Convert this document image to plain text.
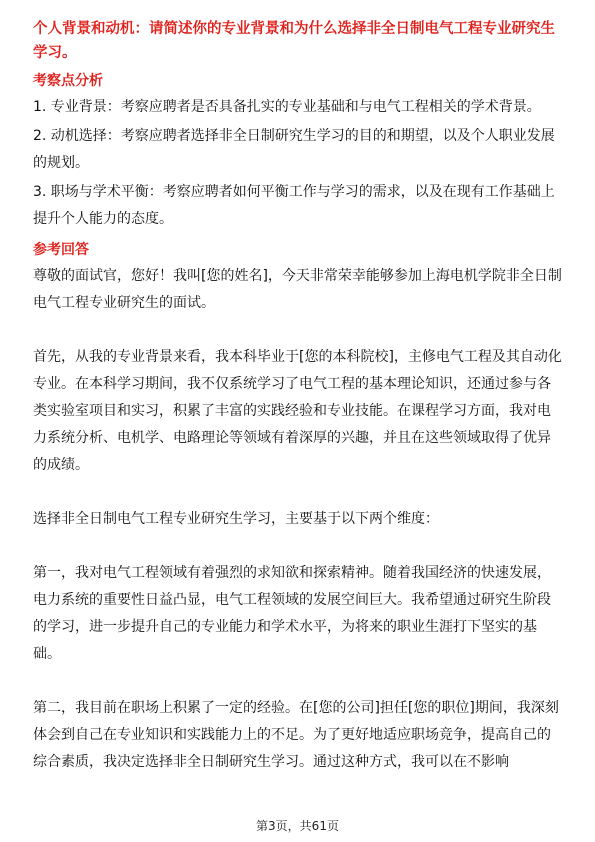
个人背景和动机：请简述你的专业背景和为什么选择非全日制电气工程专业研究生学习。

考察点分析

1. 专业背景：考察应聘者是否具备扎实的专业基础和与电气工程相关的学术背景。

2. 动机选择：考察应聘者选择非全日制研究生学习的目的和期望，以及个人职业发展的规划。

3. 职场与学术平衡：考察应聘者如何平衡工作与学习的需求，以及在现有工作基础上提升个人能力的态度。

参考回答

尊敬的面试官，您好！我叫[您的姓名]，今天非常荣幸能够参加上海电机学院非全日制电气工程专业研究生的面试。

首先，从我的专业背景来看，我本科毕业于[您的本科院校]，主修电气工程及其自动化专业。在本科学习期间，我不仅系统学习了电气工程的基本理论知识，还通过参与各类实验室项目和实习，积累了丰富的实践经验和专业技能。在课程学习方面，我对电力系统分析、电机学、电路理论等领域有着深厚的兴趣，并且在这些领域取得了优异的成绩。

选择非全日制电气工程专业研究生学习，主要基于以下两个维度：

第一，我对电气工程领域有着强烈的求知欲和探索精神。随着我国经济的快速发展，电力系统的重要性日益凸显，电气工程领域的发展空间巨大。我希望通过研究生阶段的学习，进一步提升自己的专业能力和学术水平，为将来的职业生涯打下坚实的基础。

第二，我目前在职场上积累了一定的经验。在[您的公司]担任[您的职位]期间，我深刻体会到自己在专业知识和实践能力上的不足。为了更好地适应职场竞争，提高自己的综合素质，我决定选择非全日制研究生学习。通过这种方式，我可以在不影响

第3页，共61页
